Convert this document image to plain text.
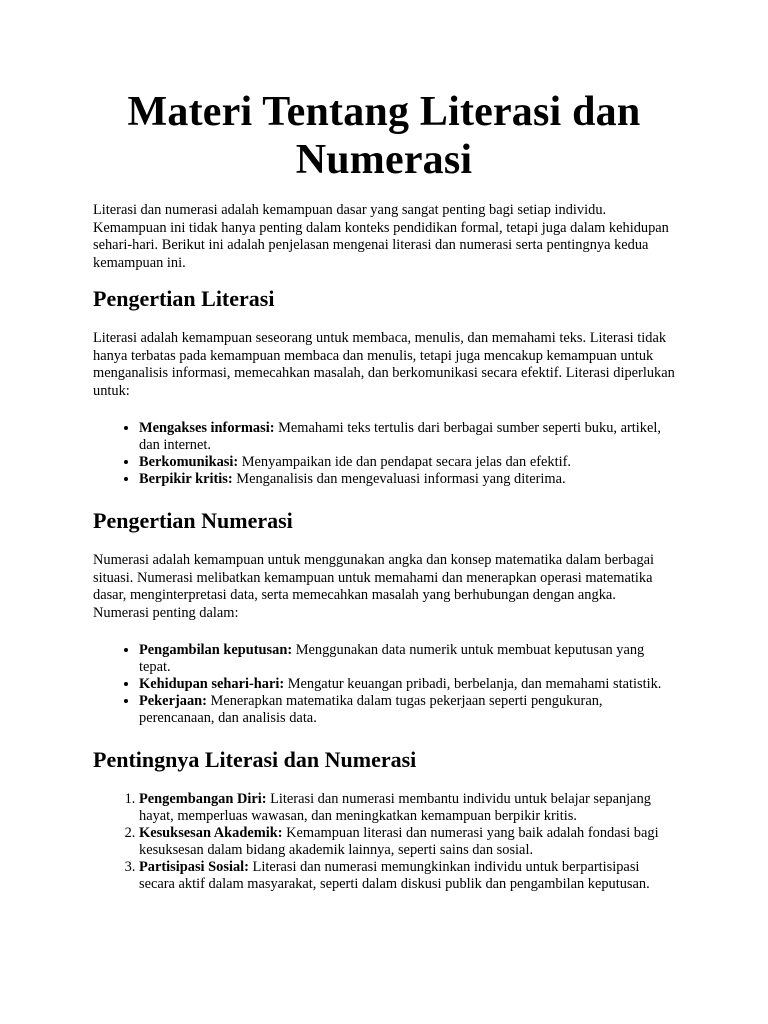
Materi Tentang Literasi dan Numerasi

Literasi dan numerasi adalah kemampuan dasar yang sangat penting bagi setiap individu. Kemampuan ini tidak hanya penting dalam konteks pendidikan formal, tetapi juga dalam kehidupan sehari-hari. Berikut ini adalah penjelasan mengenai literasi dan numerasi serta pentingnya kedua kemampuan ini.

Pengertian Literasi

Literasi adalah kemampuan seseorang untuk membaca, menulis, dan memahami teks. Literasi tidak hanya terbatas pada kemampuan membaca dan menulis, tetapi juga mencakup kemampuan untuk menganalisis informasi, memecahkan masalah, dan berkomunikasi secara efektif. Literasi diperlukan untuk:

• Mengakses informasi: Memahami teks tertulis dari berbagai sumber seperti buku, artikel, dan internet.
• Berkomunikasi: Menyampaikan ide dan pendapat secara jelas dan efektif.
• Berpikir kritis: Menganalisis dan mengevaluasi informasi yang diterima.
Pengertian Numerasi

Numerasi adalah kemampuan untuk menggunakan angka dan konsep matematika dalam berbagai situasi. Numerasi melibatkan kemampuan untuk memahami dan menerapkan operasi matematika dasar, menginterpretasi data, serta memecahkan masalah yang berhubungan dengan angka. Numerasi penting dalam:

• Pengambilan keputusan: Menggunakan data numerik untuk membuat keputusan yang tepat.
• Kehidupan sehari-hari: Mengatur keuangan pribadi, berbelanja, dan memahami statistik.
• Pekerjaan: Menerapkan matematika dalam tugas pekerjaan seperti pengukuran, perencanaan, dan analisis data.
Pentingnya Literasi dan Numerasi
1. Pengembangan Diri: Literasi dan numerasi membantu individu untuk belajar sepanjang hayat, memperluas wawasan, dan meningkatkan kemampuan berpikir kritis.
2. Kesuksesan Akademik: Kemampuan literasi dan numerasi yang baik adalah fondasi bagi kesuksesan dalam bidang akademik lainnya, seperti sains dan sosial.
3. Partisipasi Sosial: Literasi dan numerasi memungkinkan individu untuk berpartisipasi secara aktif dalam masyarakat, seperti dalam diskusi publik dan pengambilan keputusan.
